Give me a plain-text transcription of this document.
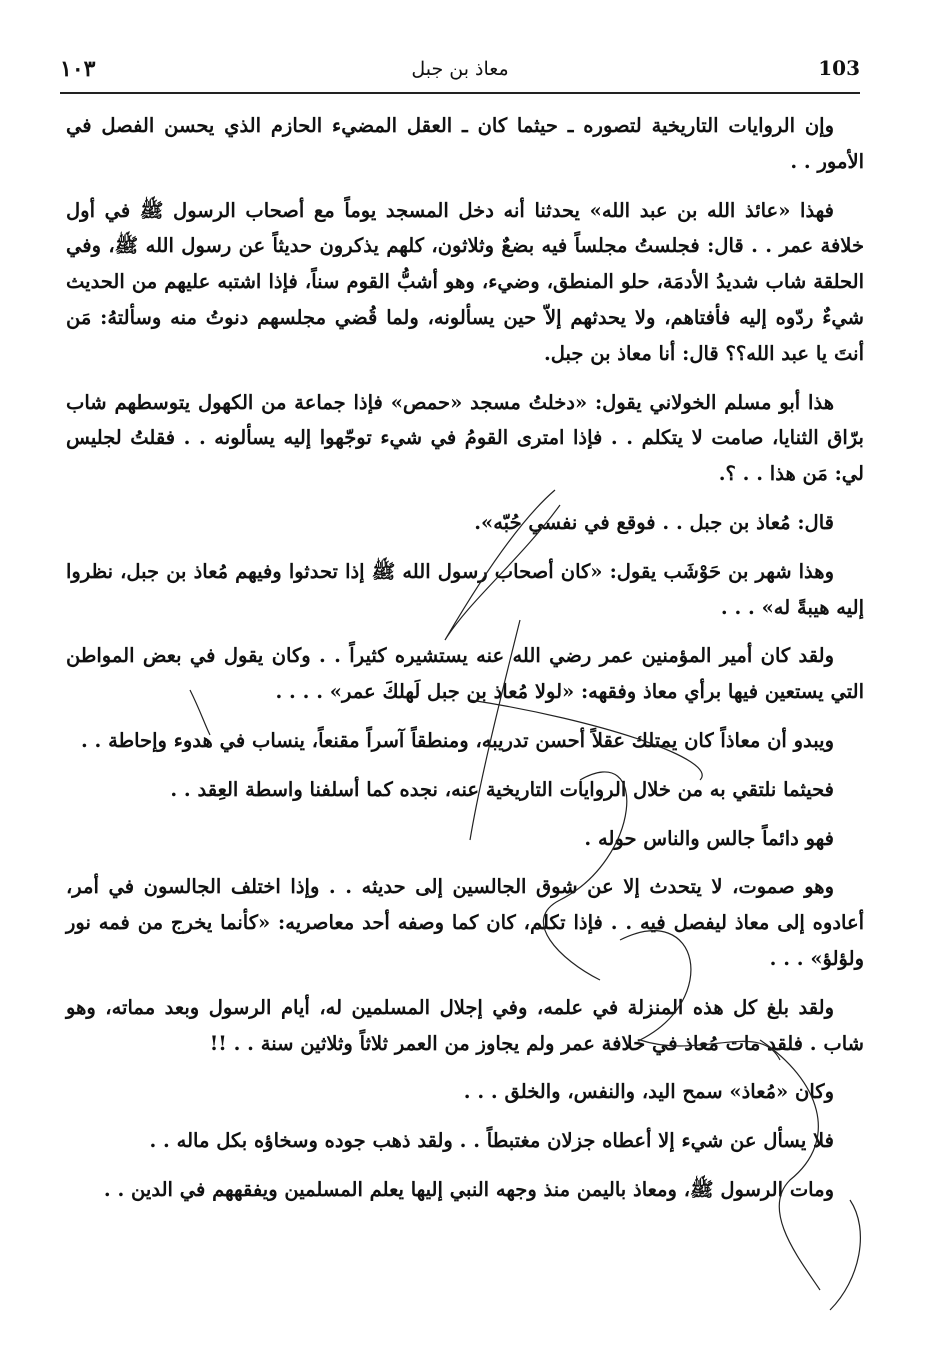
103
معاذ بن جبل
١٠٣

وإن الروايات التاريخية لتصوره ـ حيثما كان ـ العقل المضيء الحازم الذي يحسن الفصل في الأمور . .

فهذا «عائذ الله بن عبد الله» يحدثنا أنه دخل المسجد يوماً مع أصحاب الرسول ﷺ في أول خلافة عمر . . قال: فجلستُ مجلساً فيه بضعٌ وثلاثون، كلهم يذكرون حديثاً عن رسول الله ﷺ، وفي الحلقة شاب شديدُ الأدمَة، حلو المنطق، وضيء، وهو أشبُّ القوم سناً، فإذا اشتبه عليهم من الحديث شيءٌ ردّوه إليه فأفتاهم، ولا يحدثهم إلاّ حين يسألونه، ولما قُضي مجلسهم دنوتُ منه وسألتهُ: مَن أنتَ يا عبد الله؟؟ قال: أنا معاذ بن جبل.

هذا أبو مسلم الخولاني يقول: «دخلتُ مسجد «حمص» فإذا جماعة من الكهول يتوسطهم شاب برّاق الثنايا، صامت لا يتكلم . . فإذا امترى القومُ في شيء توجّهوا إليه يسألونه . . فقلتُ لجليس لي: مَن هذا . . ؟.

قال: مُعاذ بن جبل . . فوقع في نفسي حُبّه».

وهذا شهر بن حَوْشَب يقول: «كان أصحاب رسول الله ﷺ إذا تحدثوا وفيهم مُعاذ بن جبل، نظروا إليه هيبةً له» . . .

ولقد كان أمير المؤمنين عمر رضي الله عنه يستشيره كثيراً . . وكان يقول في بعض المواطن التي يستعين فيها برأي معاذ وفقهه: «لولا مُعاذ بن جبل لَهلكَ عمر» . . . .

ويبدو أن معاذاً كان يمتلك عقلاً أحسن تدريبه، ومنطقاً آسراً مقنعاً، ينساب في هدوء وإحاطة . .

فحيثما نلتقي به من خلال الروايات التاريخية عنه، نجده كما أسلفنا واسطة العِقد . .

فهو دائماً جالس والناس حوله .

وهو صموت، لا يتحدث إلا عن شوق الجالسين إلى حديثه . . وإذا اختلف الجالسون في أمر، أعادوه إلى معاذ ليفصل فيه . . فإذا تكلم، كان كما وصفه أحد معاصريه: «كأنما يخرج من فمه نور ولؤلؤ» . . .

ولقد بلغ كل هذه المنزلة في علمه، وفي إجلال المسلمين له، أيام الرسول وبعد مماته، وهو شاب . فلقد مات مُعاذ في خلافة عمر ولم يجاوز من العمر ثلاثاً وثلاثين سنة . . !!

وكان «مُعاذ» سمح اليد، والنفس، والخلق . . .

فلا يسأل عن شيء إلا أعطاه جزلان مغتبطاً . . ولقد ذهب جوده وسخاؤه بكل ماله . .

ومات الرسول ﷺ، ومعاذ باليمن منذ وجهه النبي إليها يعلم المسلمين ويفقههم في الدين . .
